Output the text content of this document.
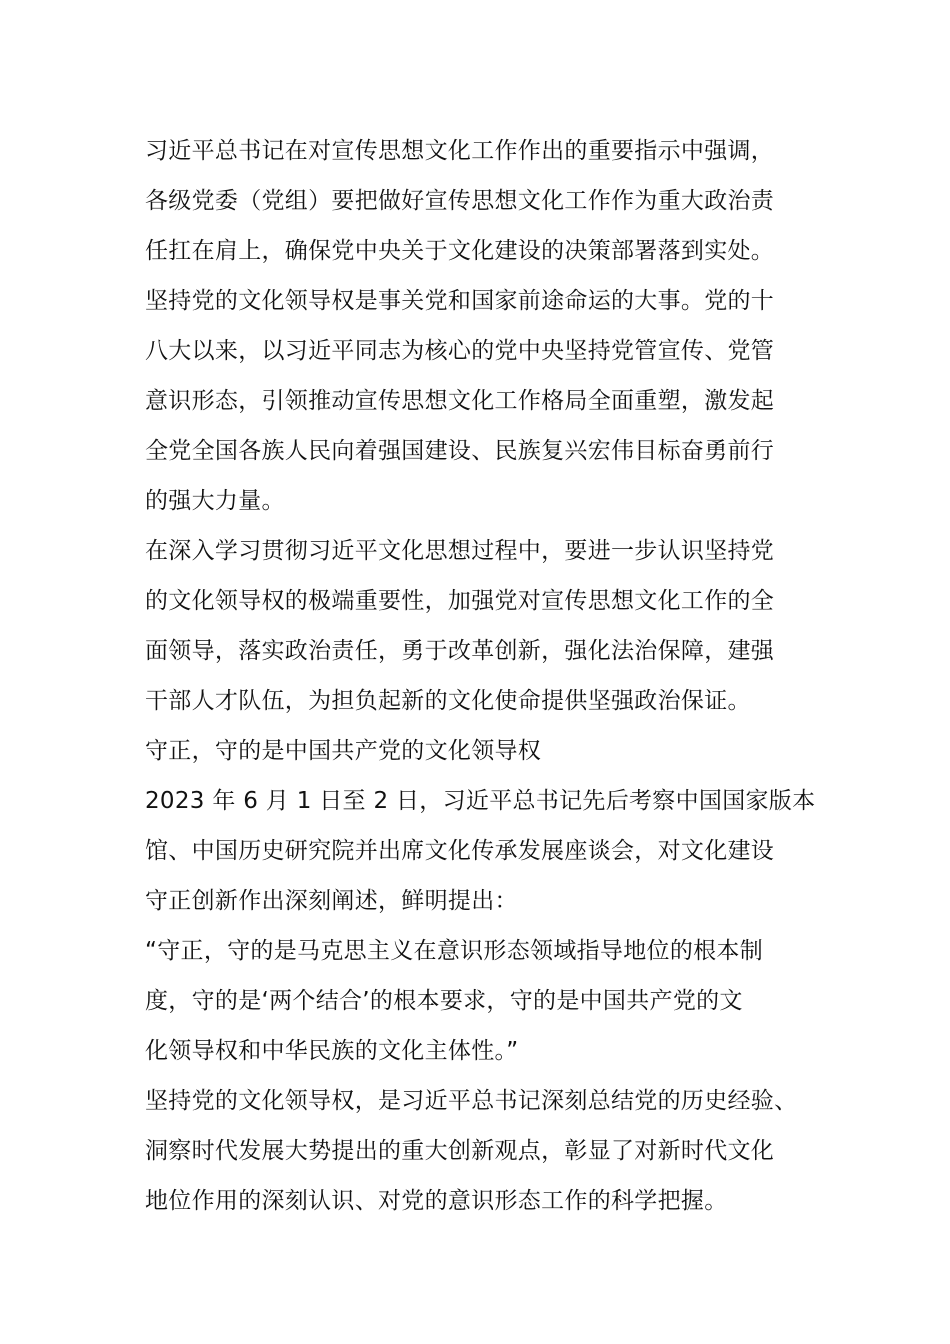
习近平总书记在对宣传思想文化工作作出的重要指示中强调，
各级党委（党组）要把做好宣传思想文化工作作为重大政治责
任扛在肩上，确保党中央关于文化建设的决策部署落到实处。
坚持党的文化领导权是事关党和国家前途命运的大事。党的十
八大以来，以习近平同志为核心的党中央坚持党管宣传、党管
意识形态，引领推动宣传思想文化工作格局全面重塑，激发起
全党全国各族人民向着强国建设、民族复兴宏伟目标奋勇前行
的强大力量。
在深入学习贯彻习近平文化思想过程中，要进一步认识坚持党
的文化领导权的极端重要性，加强党对宣传思想文化工作的全
面领导，落实政治责任，勇于改革创新，强化法治保障，建强
干部人才队伍，为担负起新的文化使命提供坚强政治保证。
守正，守的是中国共产党的文化领导权
2023 年 6 月 1 日至 2 日，习近平总书记先后考察中国国家版本
馆、中国历史研究院并出席文化传承发展座谈会，对文化建设
守正创新作出深刻阐述，鲜明提出：
“守正，守的是马克思主义在意识形态领域指导地位的根本制
度，守的是‘两个结合’的根本要求，守的是中国共产党的文
化领导权和中华民族的文化主体性。”
坚持党的文化领导权，是习近平总书记深刻总结党的历史经验、
洞察时代发展大势提出的重大创新观点，彰显了对新时代文化
地位作用的深刻认识、对党的意识形态工作的科学把握。
